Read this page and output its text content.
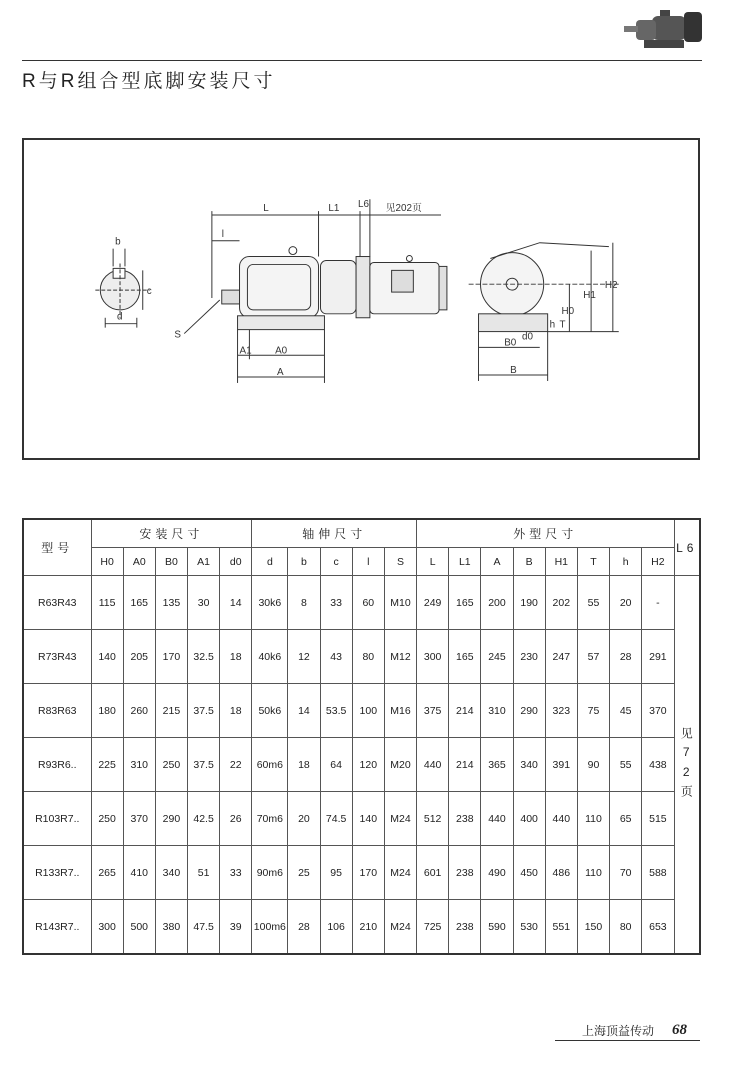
R与R组合型底脚安装尺寸
L	L1 L6 见202页
l
b
c
d
S
A1 A0
A
H0
H1
H2
h T
d0
B0
B
型号	安装尺寸					轴伸尺寸					外型尺寸								L6
	H0	A0	B0	A1	d0	d	b	c	l	S	L	L1	A	B	H1	T	h	H2	
R63R43	115	165	135	30	14	30k6	8	33	60	M10	249	165	200	190	202	55	20	-	见72页
R73R43	140	205	170	32.5	18	40k6	12	43	80	M12	300	165	245	230	247	57	28	291	
R83R63	180	260	215	37.5	18	50k6	14	53.5	100	M16	375	214	310	290	323	75	45	370	
R93R6..	225	310	250	37.5	22	60m6	18	64	120	M20	440	214	365	340	391	90	55	438	
R103R7..	250	370	290	42.5	26	70m6	20	74.5	140	M24	512	238	440	400	440	110	65	515	
R133R7..	265	410	340	51	33	90m6	25	95	170	M24	601	238	490	450	486	110	70	588	
R143R7..	300	500	380	47.5	39	100m6	28	106	210	M24	725	238	590	530	551	150	80	653	
上海顶益传动 68
